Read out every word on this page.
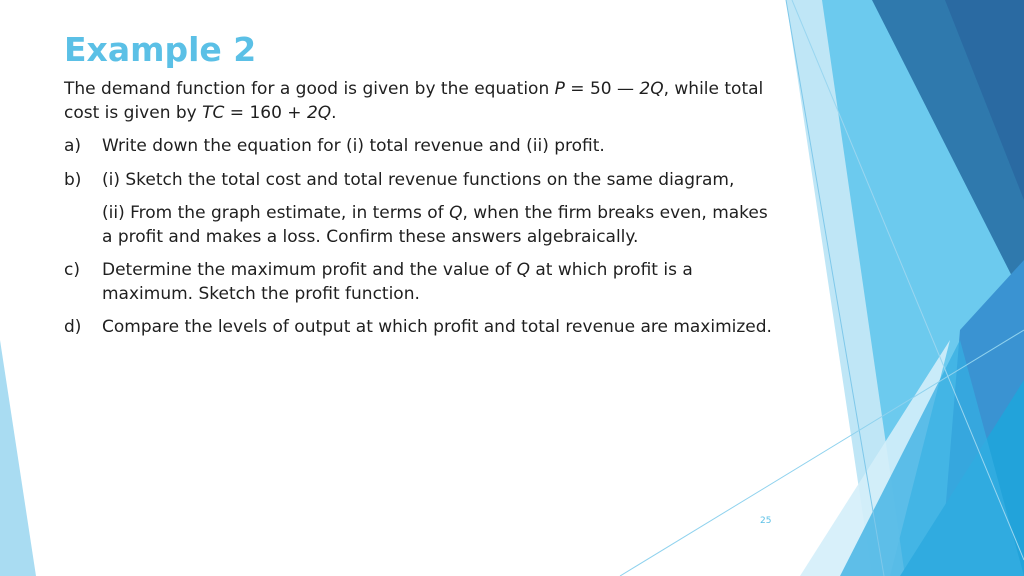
Example 2
The demand function for a good is given by the equation P = 50 — 2Q, while total cost is given by TC = 160 + 2Q.
a)	Write down the equation for (i) total revenue and (ii) profit.
b)	(i) Sketch the total cost and total revenue functions on the same diagram,
(ii) From the graph estimate, in terms of Q, when the firm breaks even, makes a profit and makes a loss. Confirm these answers algebraically.
c)	Determine the maximum profit and the value of Q at which profit is a maximum. Sketch the profit function.
d)	Compare the levels of output at which profit and total revenue are maximized.
25
